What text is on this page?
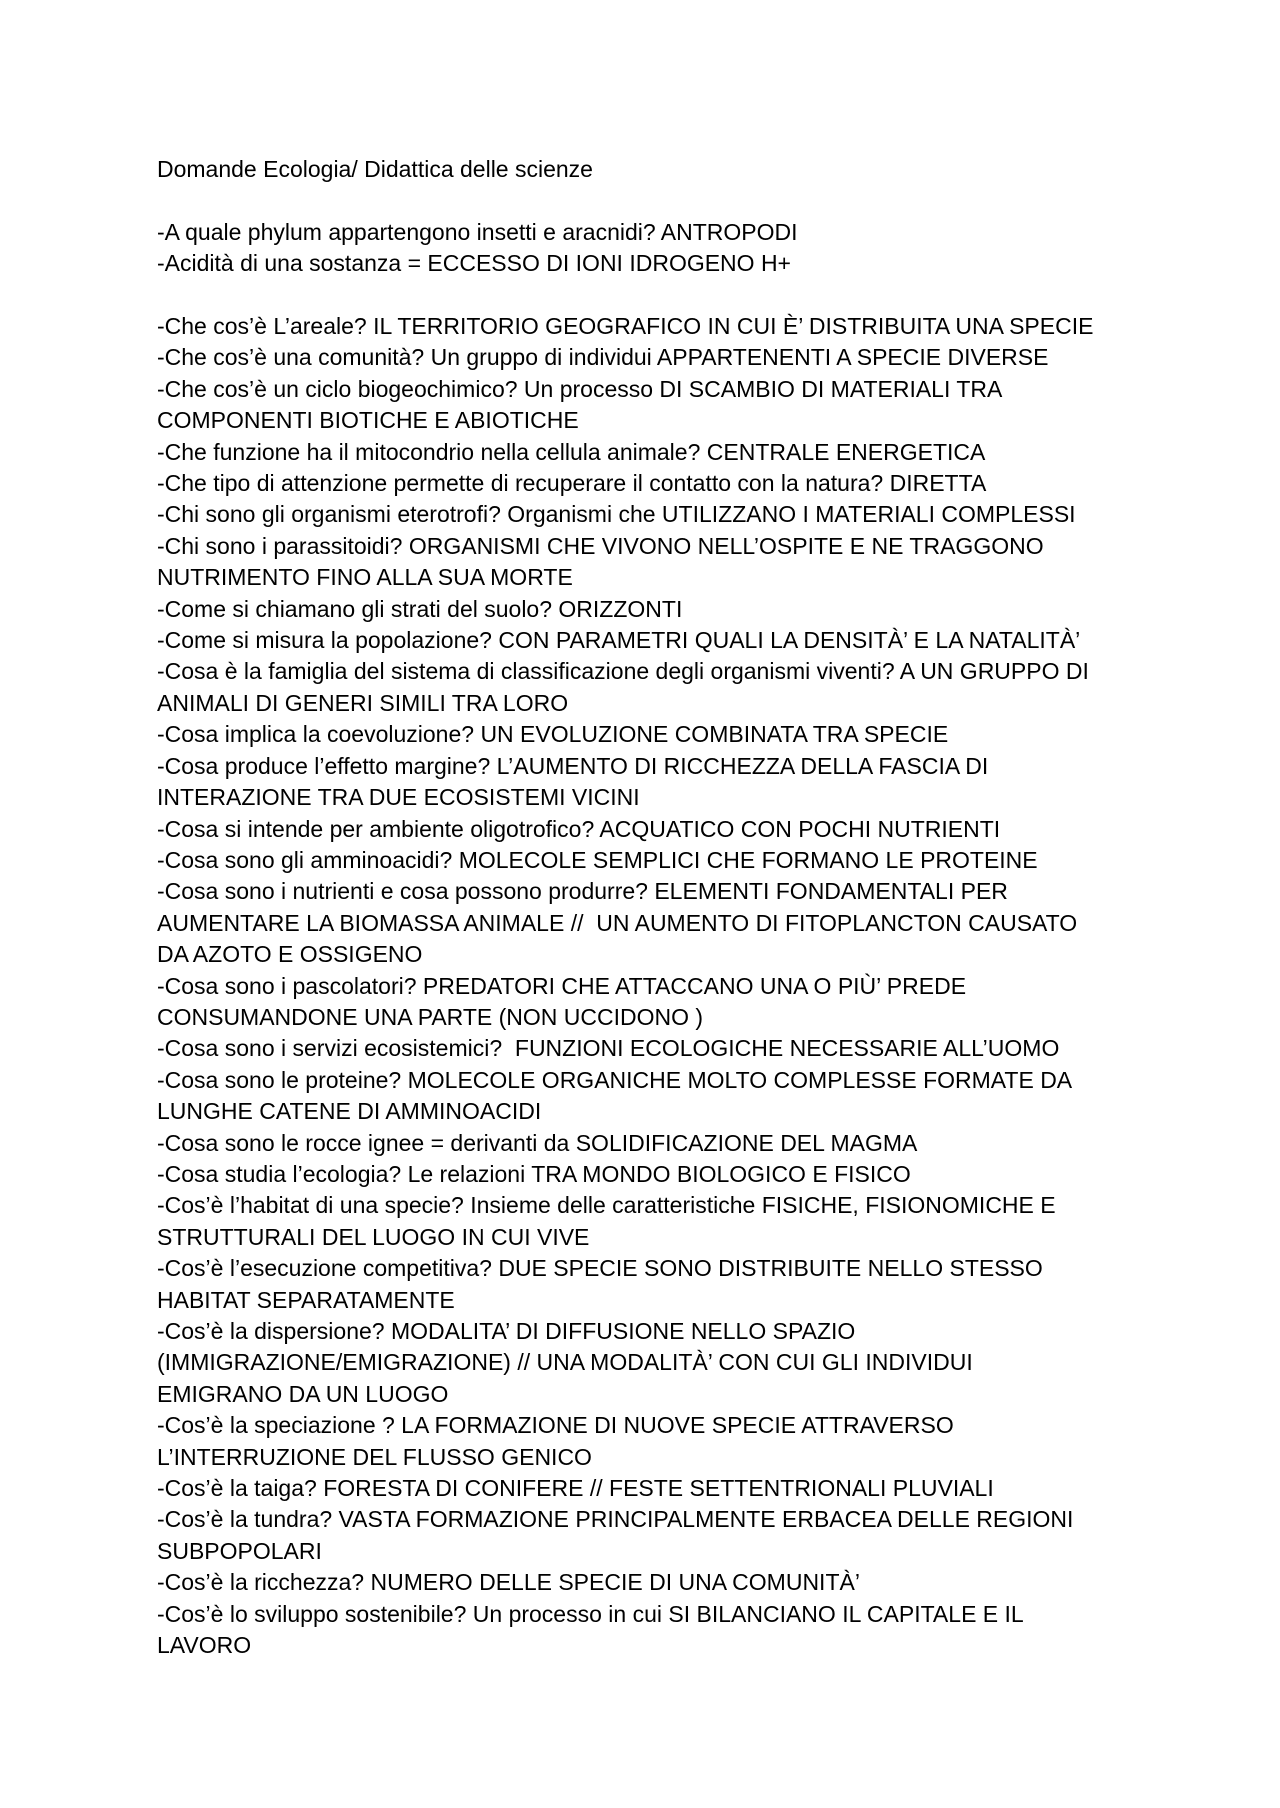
Domande Ecologia/ Didattica delle scienze
-A quale phylum appartengono insetti e aracnidi? ANTROPODI
-Acidità di una sostanza = ECCESSO DI IONI IDROGENO H+
-Che cos’è L’areale? IL TERRITORIO GEOGRAFICO IN CUI È’ DISTRIBUITA UNA SPECIE
-Che cos’è una comunità? Un gruppo di individui APPARTENENTI A SPECIE DIVERSE
-Che cos’è un ciclo biogeochimico? Un processo DI SCAMBIO DI MATERIALI TRA
COMPONENTI BIOTICHE E ABIOTICHE
-Che funzione ha il mitocondrio nella cellula animale? CENTRALE ENERGETICA
-Che tipo di attenzione permette di recuperare il contatto con la natura? DIRETTA
-Chi sono gli organismi eterotrofi? Organismi che UTILIZZANO I MATERIALI COMPLESSI
-Chi sono i parassitoidi? ORGANISMI CHE VIVONO NELL’OSPITE E NE TRAGGONO
NUTRIMENTO FINO ALLA SUA MORTE
-Come si chiamano gli strati del suolo? ORIZZONTI
-Come si misura la popolazione? CON PARAMETRI QUALI LA DENSITÀ’ E LA NATALITÀ’
-Cosa è la famiglia del sistema di classificazione degli organismi viventi? A UN GRUPPO DI
ANIMALI DI GENERI SIMILI TRA LORO
-Cosa implica la coevoluzione? UN EVOLUZIONE COMBINATA TRA SPECIE
-Cosa produce l’effetto margine? L’AUMENTO DI RICCHEZZA DELLA FASCIA DI
INTERAZIONE TRA DUE ECOSISTEMI VICINI
-Cosa si intende per ambiente oligotrofico? ACQUATICO CON POCHI NUTRIENTI
-Cosa sono gli amminoacidi? MOLECOLE SEMPLICI CHE FORMANO LE PROTEINE
-Cosa sono i nutrienti e cosa possono produrre? ELEMENTI FONDAMENTALI PER
AUMENTARE LA BIOMASSA ANIMALE //  UN AUMENTO DI FITOPLANCTON CAUSATO
DA AZOTO E OSSIGENO
-Cosa sono i pascolatori? PREDATORI CHE ATTACCANO UNA O PIÙ’ PREDE
CONSUMANDONE UNA PARTE (NON UCCIDONO )
-Cosa sono i servizi ecosistemici?  FUNZIONI ECOLOGICHE NECESSARIE ALL’UOMO
-Cosa sono le proteine? MOLECOLE ORGANICHE MOLTO COMPLESSE FORMATE DA
LUNGHE CATENE DI AMMINOACIDI
-Cosa sono le rocce ignee = derivanti da SOLIDIFICAZIONE DEL MAGMA
-Cosa studia l’ecologia? Le relazioni TRA MONDO BIOLOGICO E FISICO
-Cos’è l’habitat di una specie? Insieme delle caratteristiche FISICHE, FISIONOMICHE E
STRUTTURALI DEL LUOGO IN CUI VIVE
-Cos’è l’esecuzione competitiva? DUE SPECIE SONO DISTRIBUITE NELLO STESSO
HABITAT SEPARATAMENTE
-Cos’è la dispersione? MODALITA’ DI DIFFUSIONE NELLO SPAZIO
(IMMIGRAZIONE/EMIGRAZIONE) // UNA MODALITÀ’ CON CUI GLI INDIVIDUI
EMIGRANO DA UN LUOGO
-Cos’è la speciazione ? LA FORMAZIONE DI NUOVE SPECIE ATTRAVERSO
L’INTERRUZIONE DEL FLUSSO GENICO
-Cos’è la taiga? FORESTA DI CONIFERE // FESTE SETTENTRIONALI PLUVIALI
-Cos’è la tundra? VASTA FORMAZIONE PRINCIPALMENTE ERBACEA DELLE REGIONI
SUBPOPOLARI
-Cos’è la ricchezza? NUMERO DELLE SPECIE DI UNA COMUNITÀ’
-Cos’è lo sviluppo sostenibile? Un processo in cui SI BILANCIANO IL CAPITALE E IL
LAVORO
